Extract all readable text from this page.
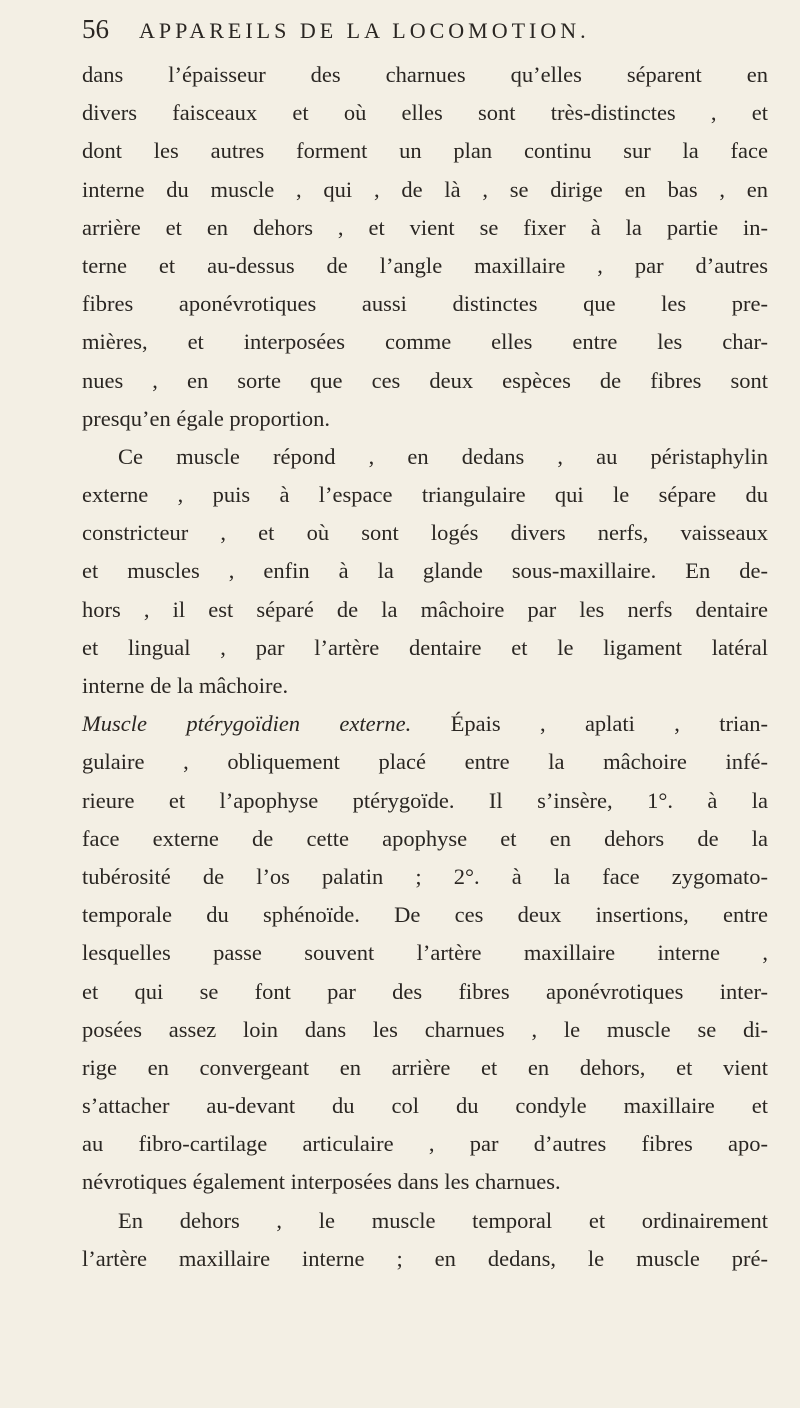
56 APPAREILS DE LA LOCOMOTION.
dans l’épaisseur des charnues qu’elles séparent en
divers faisceaux et où elles sont très-distinctes , et
dont les autres forment un plan continu sur la face
interne du muscle , qui , de là , se dirige en bas , en
arrière et en dehors , et vient se fixer à la partie in-
terne et au-dessus de l’angle maxillaire , par d’autres
fibres aponévrotiques aussi distinctes que les pre-
mières, et interposées comme elles entre les char-
nues , en sorte que ces deux espèces de fibres sont
presqu’en égale proportion.
Ce muscle répond , en dedans , au péristaphylin
externe , puis à l’espace triangulaire qui le sépare du
constricteur , et où sont logés divers nerfs, vaisseaux
et muscles , enfin à la glande sous-maxillaire. En de-
hors , il est séparé de la mâchoire par les nerfs dentaire
et lingual , par l’artère dentaire et le ligament latéral
interne de la mâchoire.
Muscle ptérygoïdien externe. Épais , aplati , trian-
gulaire , obliquement placé entre la mâchoire infé-
rieure et l’apophyse ptérygoïde. Il s’insère, 1°. à la
face externe de cette apophyse et en dehors de la
tubérosité de l’os palatin ; 2°. à la face zygomato-
temporale du sphénoïde. De ces deux insertions, entre
lesquelles passe souvent l’artère maxillaire interne ,
et qui se font par des fibres aponévrotiques inter-
posées assez loin dans les charnues , le muscle se di-
rige en convergeant en arrière et en dehors, et vient
s’attacher au-devant du col du condyle maxillaire et
au fibro-cartilage articulaire , par d’autres fibres apo-
névrotiques également interposées dans les charnues.
En dehors , le muscle temporal et ordinairement
l’artère maxillaire interne ; en dedans, le muscle pré-
